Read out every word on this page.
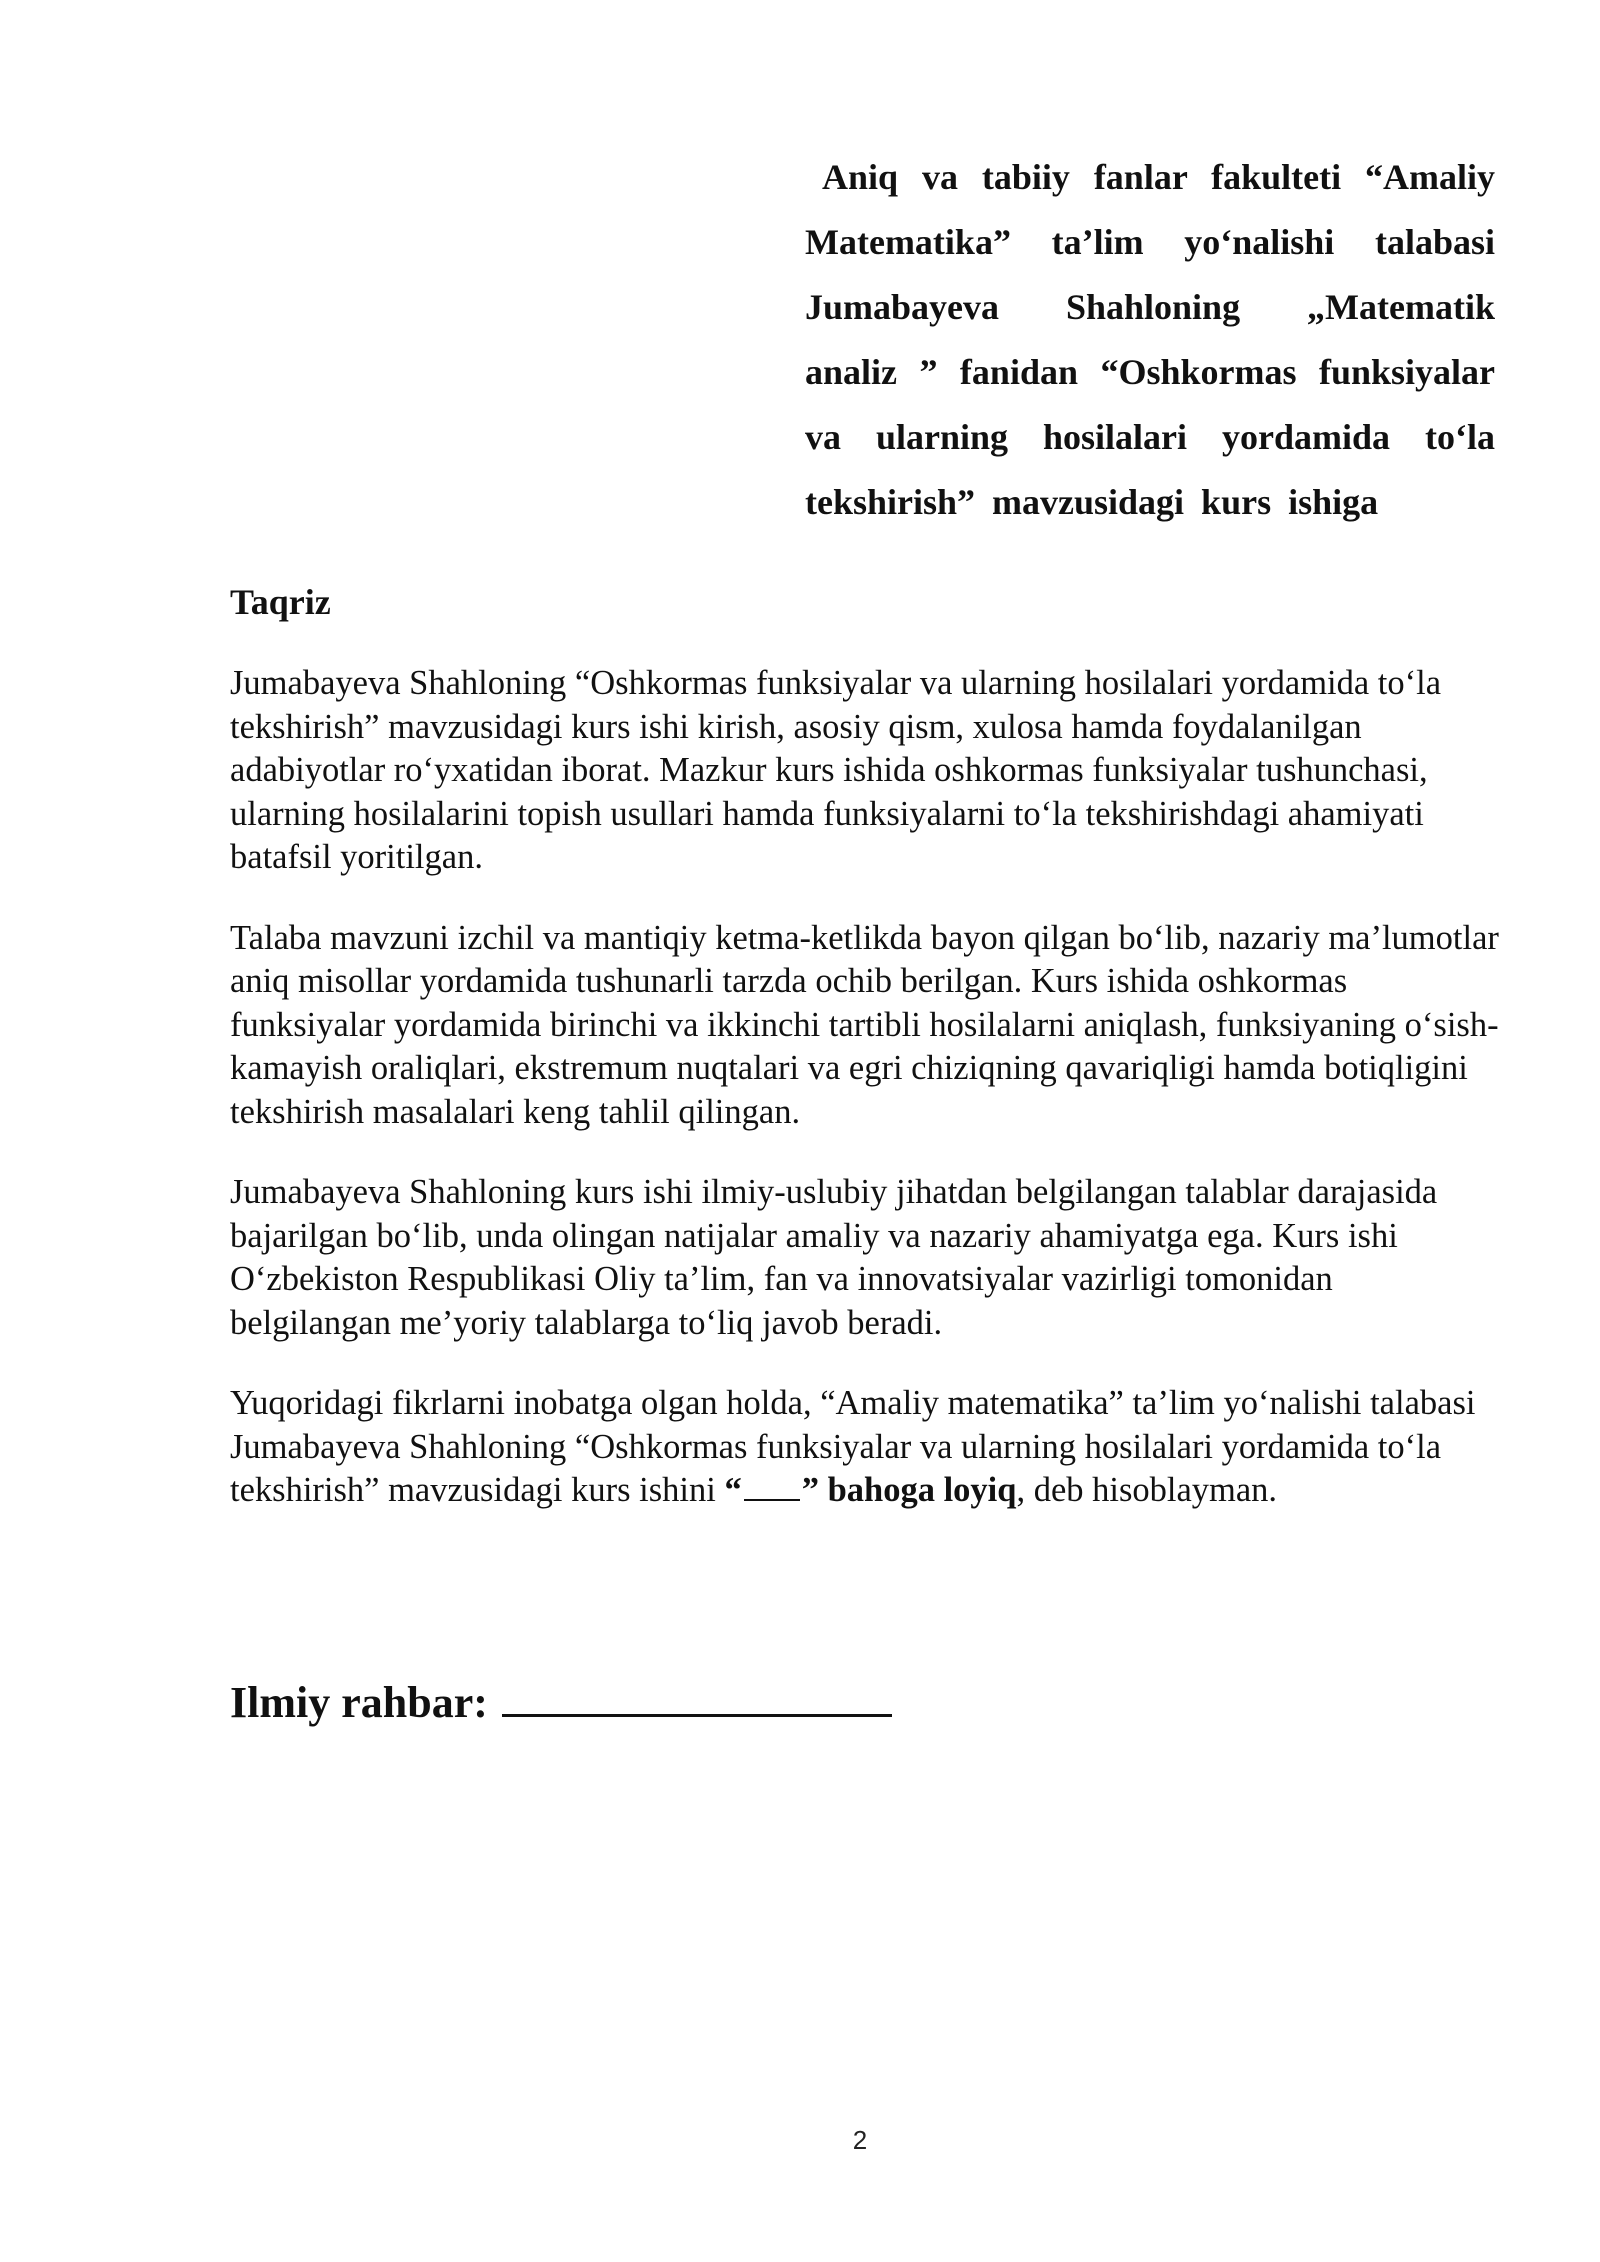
Aniq va tabiiy fanlar fakulteti “Amaliy
Matematika” ta’lim yo‘nalishi talabasi
Jumabayeva Shahloning „Matematik
analiz ” fanidan “Oshkormas funksiyalar
va ularning hosilalari yordamida to‘la
tekshirish” mavzusidagi kurs ishiga
Taqriz

Jumabayeva Shahloning “Oshkormas funksiyalar va ularning hosilalari yordamida to‘la tekshirish” mavzusidagi kurs ishi kirish, asosiy qism, xulosa hamda foydalanilgan adabiyotlar ro‘yxatidan iborat. Mazkur kurs ishida oshkormas funksiyalar tushunchasi, ularning hosilalarini topish usullari hamda funksiyalarni to‘la tekshirishdagi ahamiyati batafsil yoritilgan.

Talaba mavzuni izchil va mantiqiy ketma-ketlikda bayon qilgan bo‘lib, nazariy ma’lumotlar aniq misollar yordamida tushunarli tarzda ochib berilgan. Kurs ishida oshkormas funksiyalar yordamida birinchi va ikkinchi tartibli hosilalarni aniqlash, funksiyaning o‘sish-kamayish oraliqlari, ekstremum nuqtalari va egri chiziqning qavariqligi hamda botiqligini tekshirish masalalari keng tahlil qilingan.

Jumabayeva Shahloning kurs ishi ilmiy-uslubiy jihatdan belgilangan talablar darajasida bajarilgan bo‘lib, unda olingan natijalar amaliy va nazariy ahamiyatga ega. Kurs ishi O‘zbekiston Respublikasi Oliy ta’lim, fan va innovatsiyalar vazirligi tomonidan belgilangan me’yoriy talablarga to‘liq javob beradi.

Yuqoridagi fikrlarni inobatga olgan holda, “Amaliy matematika” ta’lim yo‘nalishi talabasi Jumabayeva Shahloning “Oshkormas funksiyalar va ularning hosilalari yordamida to‘la tekshirish” mavzusidagi kurs ishini “ ” bahoga loyiq, deb hisoblayman.

Ilmiy rahbar:
2
